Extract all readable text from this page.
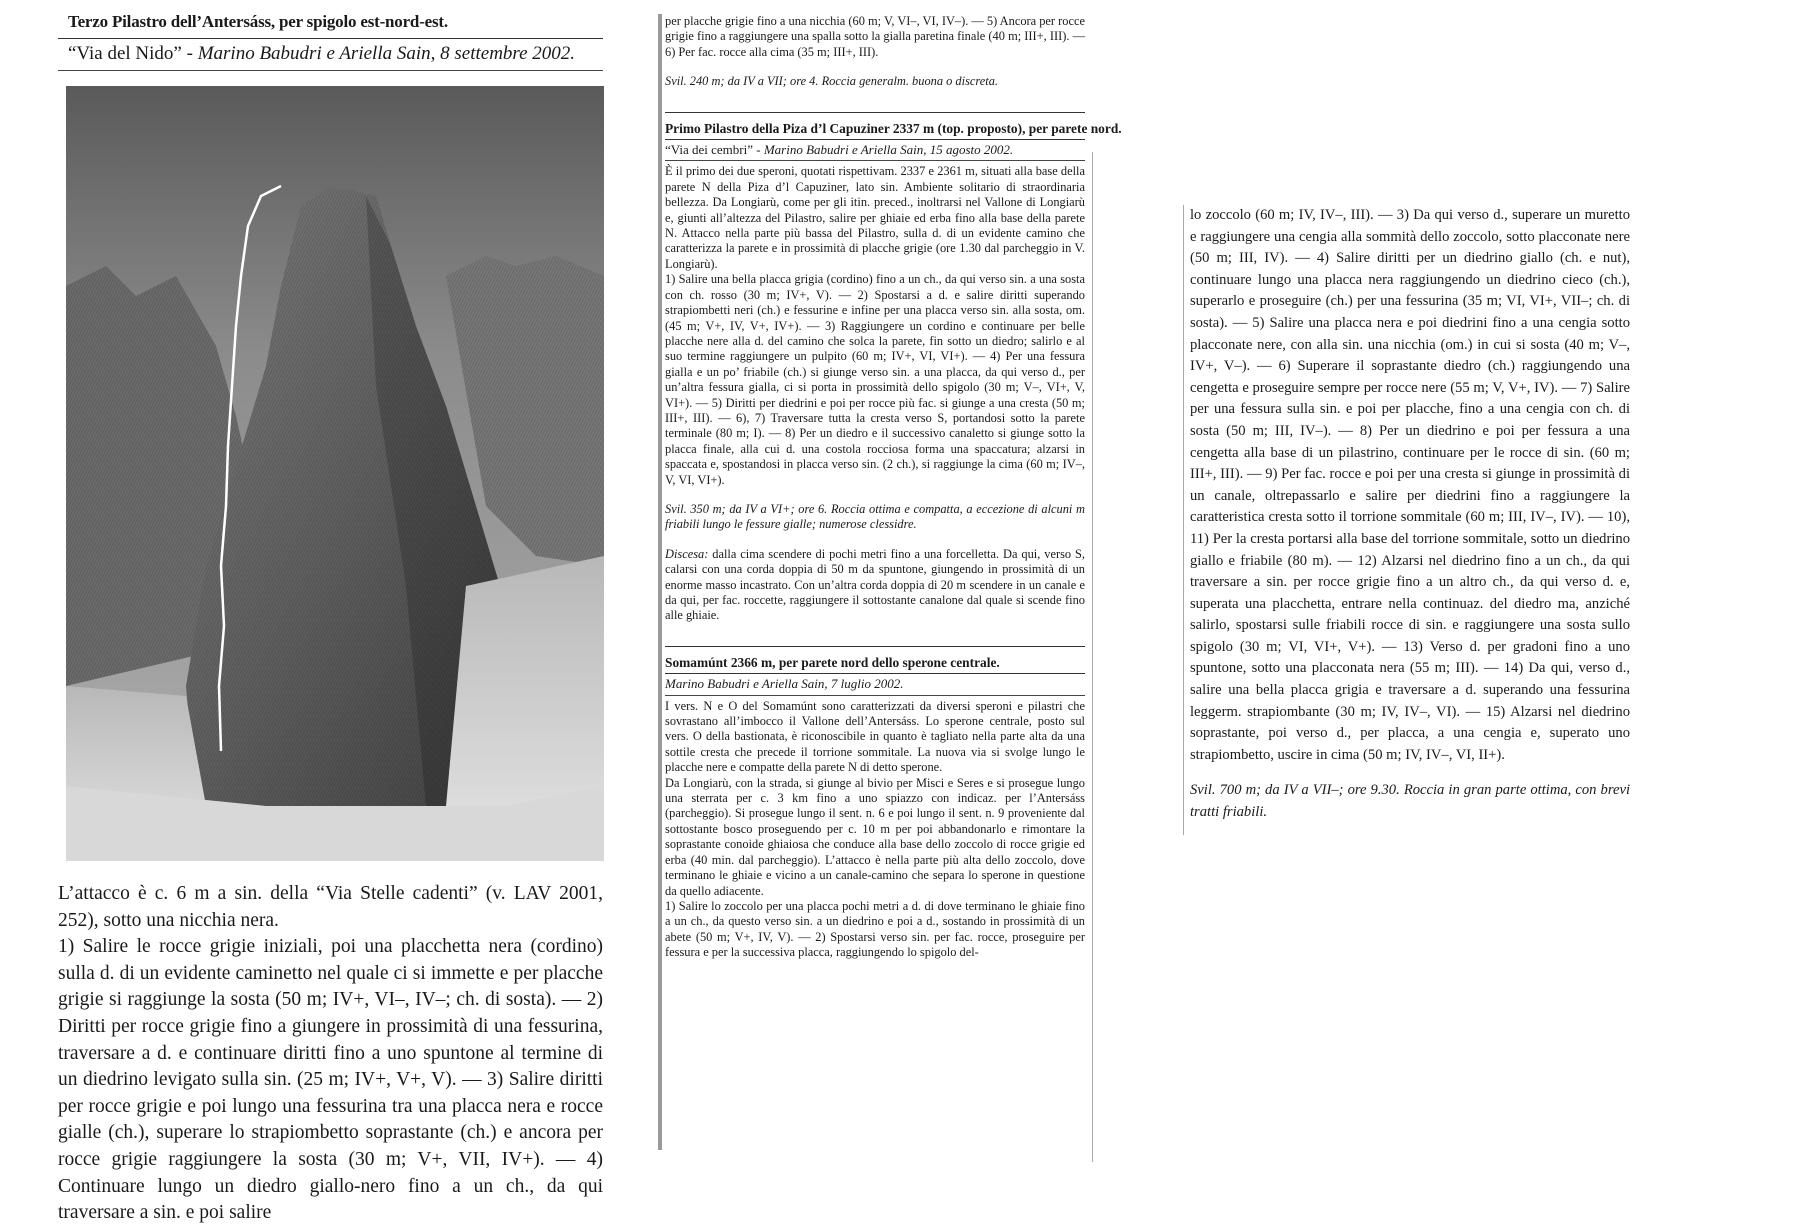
Terzo Pilastro dell’Antersáss, per spigolo est-nord-est.
“Via del Nido” - Marino Babudri e Ariella Sain, 8 settembre 2002.

L’attacco è c. 6 m a sin. della “Via Stelle cadenti” (v. LAV 2001, 252), sotto una nicchia nera.

1) Salire le rocce grigie iniziali, poi una placchetta nera (cordino) sulla d. di un evidente caminetto nel quale ci si immette e per placche grigie si raggiunge la sosta (50 m; IV+, VI–, IV–; ch. di sosta). — 2) Diritti per rocce grigie fino a giungere in prossimità di una fessurina, traversare a d. e continuare diritti fino a uno spuntone al termine di un diedrino levigato sulla sin. (25 m; IV+, V+, V). — 3) Salire diritti per rocce grigie e poi lungo una fessurina tra una placca nera e rocce gialle (ch.), superare lo strapiombetto soprastante (ch.) e ancora per rocce grigie raggiungere la sosta (30 m; V+, VII, IV+). — 4) Continuare lungo un diedro giallo-nero fino a un ch., da qui traversare a sin. e poi salire

per placche grigie fino a una nicchia (60 m; V, VI–, VI, IV–). — 5) Ancora per rocce grigie fino a raggiungere una spalla sotto la gialla paretina finale (40 m; III+, III). — 6) Per fac. rocce alla cima (35 m; III+, III).

Svil. 240 m; da IV a VII; ore 4. Roccia generalm. buona o discreta.

Primo Pilastro della Piza d’l Capuziner 2337 m (top. proposto), per parete nord.
“Via dei cembri” - Marino Babudri e Ariella Sain, 15 agosto 2002.

È il primo dei due speroni, quotati rispettivam. 2337 e 2361 m, situati alla base della parete N della Piza d’l Capuziner, lato sin. Ambiente solitario di straordinaria bellezza. Da Longiarù, come per gli itin. preced., inoltrarsi nel Vallone di Longiarù e, giunti all’altezza del Pilastro, salire per ghiaie ed erba fino alla base della parete N. Attacco nella parte più bassa del Pilastro, sulla d. di un evidente camino che caratterizza la parete e in prossimità di placche grigie (ore 1.30 dal parcheggio in V. Longiarù).

1) Salire una bella placca grigia (cordino) fino a un ch., da qui verso sin. a una sosta con ch. rosso (30 m; IV+, V). — 2) Spostarsi a d. e salire diritti superando strapiombetti neri (ch.) e fessurine e infine per una placca verso sin. alla sosta, om. (45 m; V+, IV, V+, IV+). — 3) Raggiungere un cordino e continuare per belle placche nere alla d. del camino che solca la parete, fin sotto un diedro; salirlo e al suo termine raggiungere un pulpito (60 m; IV+, VI, VI+). — 4) Per una fessura gialla e un po’ friabile (ch.) si giunge verso sin. a una placca, da qui verso d., per un’altra fessura gialla, ci si porta in prossimità dello spigolo (30 m; V–, VI+, V, VI+). — 5) Diritti per diedrini e poi per rocce più fac. si giunge a una cresta (50 m; III+, III). — 6), 7) Traversare tutta la cresta verso S, portandosi sotto la parete terminale (80 m; I). — 8) Per un diedro e il successivo canaletto si giunge sotto la placca finale, alla cui d. una costola rocciosa forma una spaccatura; alzarsi in spaccata e, spostandosi in placca verso sin. (2 ch.), si raggiunge la cima (60 m; IV–, V, VI, VI+).

Svil. 350 m; da IV a VI+; ore 6. Roccia ottima e compatta, a eccezione di alcuni m friabili lungo le fessure gialle; numerose clessidre.

Discesa: dalla cima scendere di pochi metri fino a una forcelletta. Da qui, verso S, calarsi con una corda doppia di 50 m da spuntone, giungendo in prossimità di un enorme masso incastrato. Con un’altra corda doppia di 20 m scendere in un canale e da qui, per fac. roccette, raggiungere il sottostante canalone dal quale si scende fino alle ghiaie.

Somamúnt 2366 m, per parete nord dello sperone centrale.
Marino Babudri e Ariella Sain, 7 luglio 2002.

I vers. N e O del Somamúnt sono caratterizzati da diversi speroni e pilastri che sovrastano all’imbocco il Vallone dell’Antersáss. Lo sperone centrale, posto sul vers. O della bastionata, è riconoscibile in quanto è tagliato nella parte alta da una sottile cresta che precede il torrione sommitale. La nuova via si svolge lungo le placche nere e compatte della parete N di detto sperone.

Da Longiarù, con la strada, si giunge al bivio per Misci e Seres e si prosegue lungo una sterrata per c. 3 km fino a uno spiazzo con indicaz. per l’Antersáss (parcheggio). Si prosegue lungo il sent. n. 6 e poi lungo il sent. n. 9 proveniente dal sottostante bosco proseguendo per c. 10 m per poi abbandonarlo e rimontare la soprastante conoide ghiaiosa che conduce alla base dello zoccolo di rocce grigie ed erba (40 min. dal parcheggio). L’attacco è nella parte più alta dello zoccolo, dove terminano le ghiaie e vicino a un canale-camino che separa lo sperone in questione da quello adiacente.

1) Salire lo zoccolo per una placca pochi metri a d. di dove terminano le ghiaie fino a un ch., da questo verso sin. a un diedrino e poi a d., sostando in prossimità di un abete (50 m; V+, IV, V). — 2) Spostarsi verso sin. per fac. rocce, proseguire per fessura e per la successiva placca, raggiungendo lo spigolo del-

lo zoccolo (60 m; IV, IV–, III). — 3) Da qui verso d., superare un muretto e raggiungere una cengia alla sommità dello zoccolo, sotto placconate nere (50 m; III, IV). — 4) Salire diritti per un diedrino giallo (ch. e nut), continuare lungo una placca nera raggiungendo un diedrino cieco (ch.), superarlo e proseguire (ch.) per una fessurina (35 m; VI, VI+, VII–; ch. di sosta). — 5) Salire una placca nera e poi diedrini fino a una cengia sotto placconate nere, con alla sin. una nicchia (om.) in cui si sosta (40 m; V–, IV+, V–). — 6) Superare il soprastante diedro (ch.) raggiungendo una cengetta e proseguire sempre per rocce nere (55 m; V, V+, IV). — 7) Salire per una fessura sulla sin. e poi per placche, fino a una cengia con ch. di sosta (50 m; III, IV–). — 8) Per un diedrino e poi per fessura a una cengetta alla base di un pilastrino, continuare per le rocce di sin. (60 m; III+, III). — 9) Per fac. rocce e poi per una cresta si giunge in prossimità di un canale, oltrepassarlo e salire per diedrini fino a raggiungere la caratteristica cresta sotto il torrione sommitale (60 m; III, IV–, IV). — 10), 11) Per la cresta portarsi alla base del torrione sommitale, sotto un diedrino giallo e friabile (80 m). — 12) Alzarsi nel diedrino fino a un ch., da qui traversare a sin. per rocce grigie fino a un altro ch., da qui verso d. e, superata una placchetta, entrare nella continuaz. del diedro ma, anziché salirlo, spostarsi sulle friabili rocce di sin. e raggiungere una sosta sullo spigolo (30 m; VI, VI+, V+). — 13) Verso d. per gradoni fino a uno spuntone, sotto una placconata nera (55 m; III). — 14) Da qui, verso d., salire una bella placca grigia e traversare a d. superando una fessurina leggerm. strapiombante (30 m; IV, IV–, VI). — 15) Alzarsi nel diedrino soprastante, poi verso d., per placca, a una cengia e, superato uno strapiombetto, uscire in cima (50 m; IV, IV–, VI, II+).

Svil. 700 m; da IV a VII–; ore 9.30. Roccia in gran parte ottima, con brevi tratti friabili.
